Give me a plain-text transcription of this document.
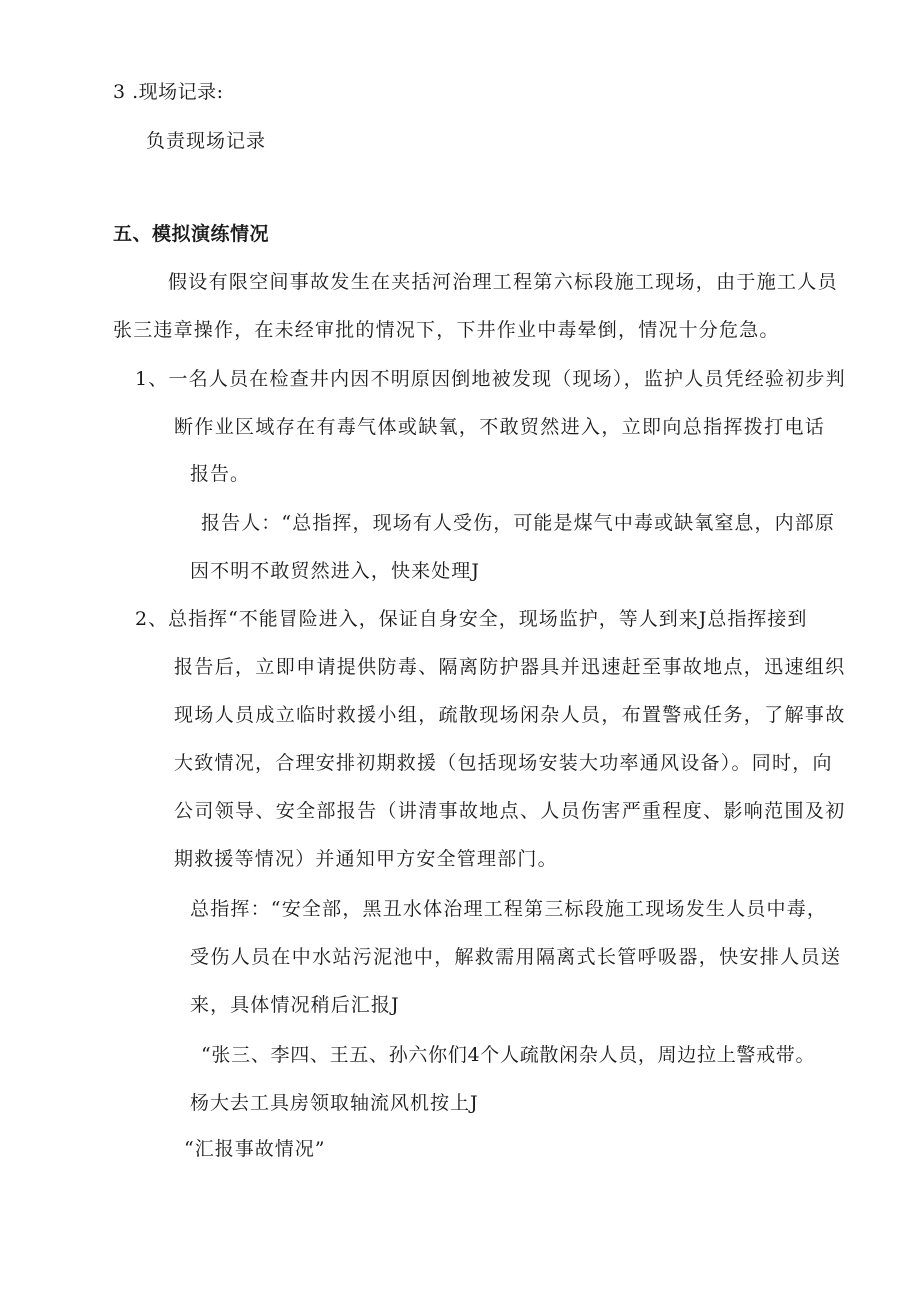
3 .现场记录:
负责现场记录
五、模拟演练情况
假设有限空间事故发生在夹括河治理工程第六标段施工现场，由于施工人员
张三违章操作，在未经审批的情况下，下井作业中毒晕倒，情况十分危急。
1、一名人员在检查井内因不明原因倒地被发现（现场），监护人员凭经验初步判
断作业区域存在有毒气体或缺氧，不敢贸然进入，立即向总指挥拨打电话
报告。
报告人：“总指挥，现场有人受伤，可能是煤气中毒或缺氧窒息，内部原
因不明不敢贸然进入，快来处理J
2、总指挥“不能冒险进入，保证自身安全，现场监护，等人到来J总指挥接到
报告后，立即申请提供防毒、隔离防护器具并迅速赶至事故地点，迅速组织
现场人员成立临时救援小组，疏散现场闲杂人员，布置警戒任务，了解事故
大致情况，合理安排初期救援（包括现场安装大功率通风设备）。同时，向
公司领导、安全部报告（讲清事故地点、人员伤害严重程度、影响范围及初
期救援等情况）并通知甲方安全管理部门。
总指挥：“安全部，黑丑水体治理工程第三标段施工现场发生人员中毒，
受伤人员在中水站污泥池中，解救需用隔离式长管呼吸器，快安排人员送
来，具体情况稍后汇报J
“张三、李四、王五、孙六你们4个人疏散闲杂人员，周边拉上警戒带。
杨大去工具房领取轴流风机按上J
“汇报事故情况”
